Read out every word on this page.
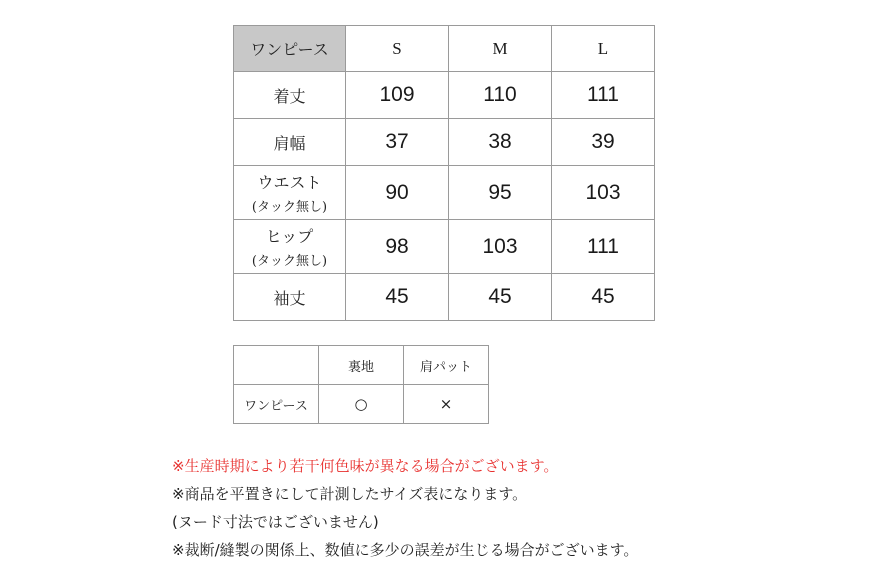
ワンピース	S	M	L
着丈	109	110	111
肩幅	37	38	39
ウエスト
(タック無し)	90	95	103
ヒップ
(タック無し)	98	103	111
袖丈	45	45	45
	裏地	肩パット
ワンピース	○	×
※生産時期により若干何色味が異なる場合がございます。
※商品を平置きにして計測したサイズ表になります。
(ヌード寸法ではございません)
※裁断/縫製の関係上、数値に多少の誤差が生じる場合がございます。
